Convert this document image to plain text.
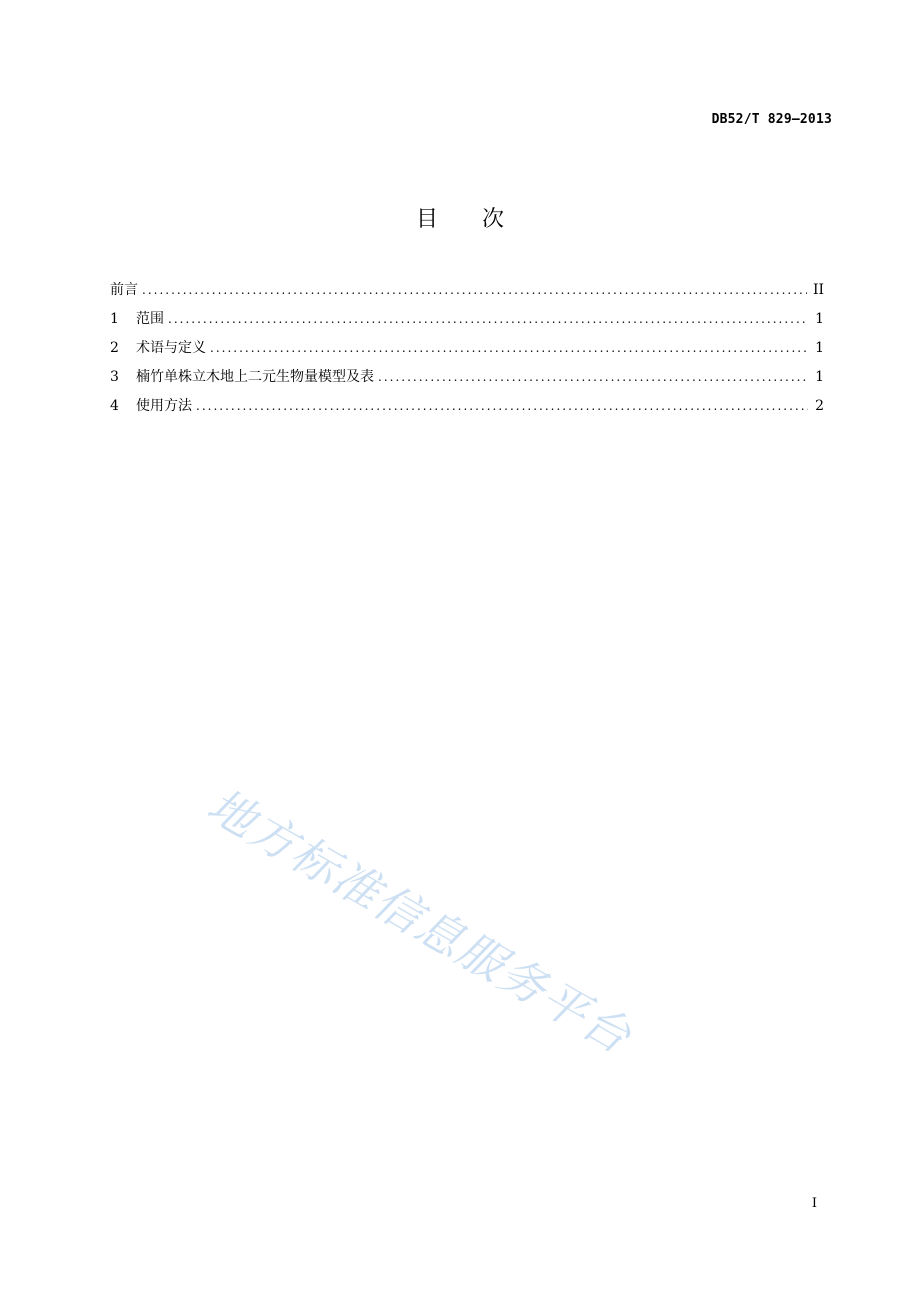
DB52/T 829—2013
目次
前言 .....	II
1	范围 .....	1
2	术语与定义 .....	1
3	楠竹单株立木地上二元生物量模型及表 .....	1
4	使用方法 .....	2
地方标准信息服务平台
I
